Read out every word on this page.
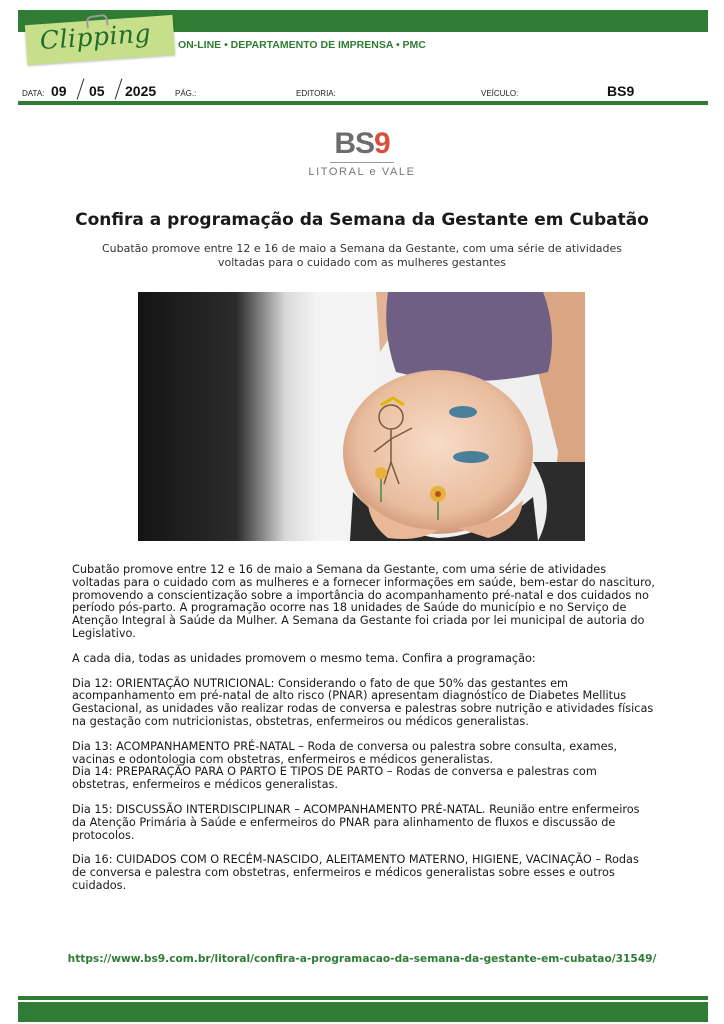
Clipping ON-LINE • DEPARTAMENTO DE IMPRENSA • PMC
DATA: 09 05 2025 PÁG.:	EDITORIA:	VEÍCULO:	BS9
BS9
LITORAL e VALE
Confira a programação da Semana da Gestante em Cubatão

Cubatão promove entre 12 e 16 de maio a Semana da Gestante, com uma série de atividades voltadas para o cuidado com as mulheres gestantes

Cubatão promove entre 12 e 16 de maio a Semana da Gestante, com uma série de atividades voltadas para o cuidado com as mulheres e a fornecer informações em saúde, bem-estar do nascituro, promovendo a conscientização sobre a importância do acompanhamento pré-natal e dos cuidados no período pós-parto. A programação ocorre nas 18 unidades de Saúde do município e no Serviço de Atenção Integral à Saúde da Mulher. A Semana da Gestante foi criada por lei municipal de autoria do Legislativo.

A cada dia, todas as unidades promovem o mesmo tema. Confira a programação:

Dia 12: ORIENTAÇÃO NUTRICIONAL: Considerando o fato de que 50% das gestantes em acompanhamento em pré-natal de alto risco (PNAR) apresentam diagnóstico de Diabetes Mellitus Gestacional, as unidades vão realizar rodas de conversa e palestras sobre nutrição e atividades físicas na gestação com nutricionistas, obstetras, enfermeiros ou médicos generalistas.

Dia 13: ACOMPANHAMENTO PRÉ-NATAL – Roda de conversa ou palestra sobre consulta, exames, vacinas e odontologia com obstetras, enfermeiros e médicos generalistas.
Dia 14: PREPARAÇÃO PARA O PARTO E TIPOS DE PARTO – Rodas de conversa e palestras com obstetras, enfermeiros e médicos generalistas.

Dia 15: DISCUSSÃO INTERDISCIPLINAR – ACOMPANHAMENTO PRÉ-NATAL. Reunião entre enfermeiros da Atenção Primária à Saúde e enfermeiros do PNAR para alinhamento de fluxos e discussão de protocolos.

Dia 16: CUIDADOS COM O RECÉM-NASCIDO, ALEITAMENTO MATERNO, HIGIENE, VACINAÇÃO – Rodas de conversa e palestra com obstetras, enfermeiros e médicos generalistas sobre esses e outros cuidados.

https://www.bs9.com.br/litoral/confira-a-programacao-da-semana-da-gestante-em-cubatao/31549/
